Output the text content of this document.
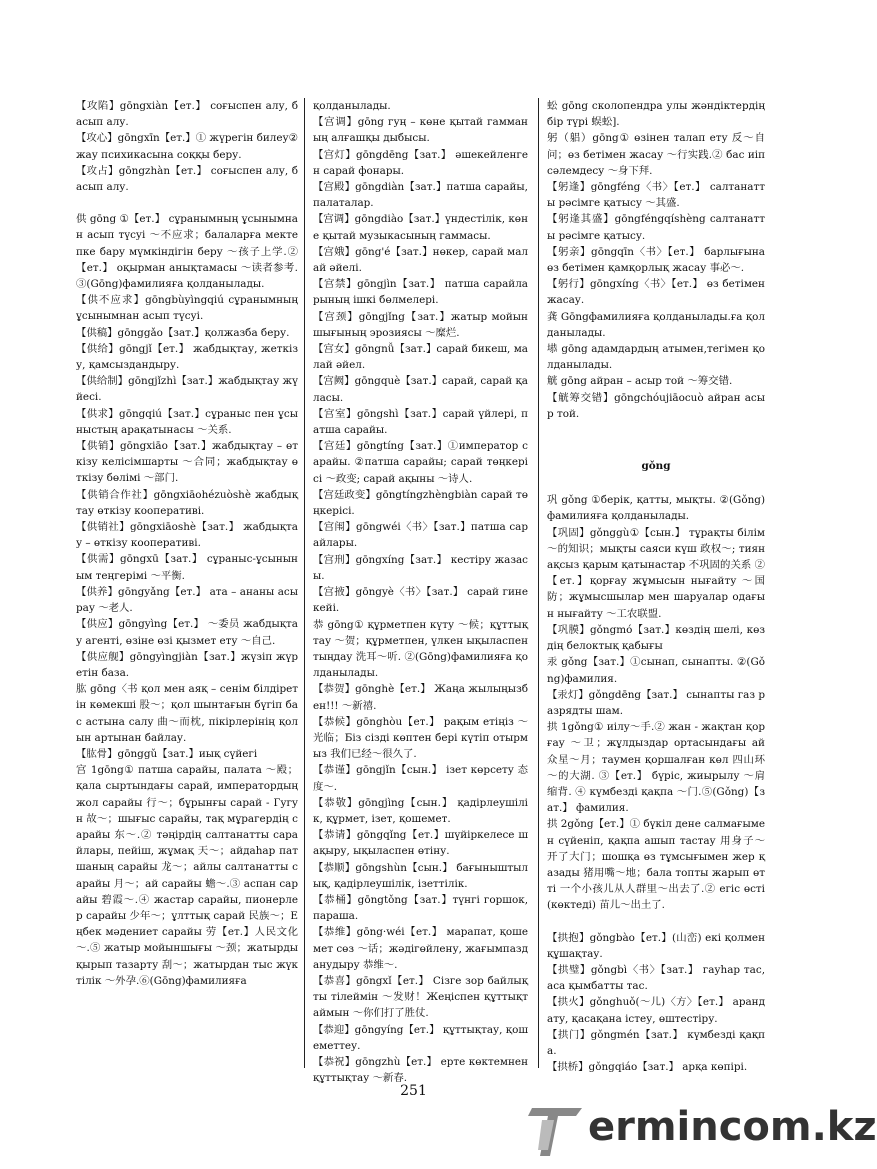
【攻陷】gōngxiàn【ет.】 соғыспен алу, басып алу.

【攻心】gōngxīn【ет.】① жүрегін билеу②жау психикасына соққы беру.

【攻占】gōngzhàn【ет.】 соғыспен алу, басып алу.

供 gōng ①【ет.】 сұранымның ұсынымнан асып түсуі ～不应求；балаларға мектепке бару мүмкіндігін беру ～孩子上学.②【ет.】 оқырман анықтамасы ～读者参考. ③(Gōng)фамилияға қолданылады.

【供不应求】gōngbùyìngqiú сұранымның ұсынымнан асып түсуі.

【供稿】gōnggǎo【зат.】қолжазба беру.

【供给】gōngjǐ【ет.】 жабдықтау, жеткізу, қамсыздандыру.

【供给制】gōngjǐzhì【зат.】жабдықтау жүйесі.

【供求】gōngqiú【зат.】сұраныс пен ұсыныстың арақатынасы ～关系.

【供销】gōngxiāo【зат.】жабдықтау – өткізу келісімшарты ～合同；жабдықтау өткізу бөлімі ～部门.

【供销合作社】gōngxiāohézuòshè жабдықтау өткізу кооперативі.

【供销社】gōngxiāoshè【зат.】 жабдықтау – өткізу кооперативі.

【供需】gōngxū【зат.】 сұраныс-ұсыныным теңгерімі ～平衡.

【供养】gōngyǎng【ет.】 ата – ананы асырау ～老人.

【供应】gōngyìng【ет.】 ～委员 жабдықтау агенті, өзіне өзі қызмет ету ～自己.

【供应舰】gōngyìngjiàn【зат.】жүзіп жүретін база.

肱 gōng〈书 қол мен аяқ – сенім білдіретін көмекші 股～；қол шынтағын бүгіп бас астына салу 曲～而枕, пікірлерінің қолын артынан байлау.

【肱骨】gōnggǔ【зат.】иық сүйегі

宫 1gōng① патша сарайы, палата ～殿；қала сыртындағы сарай, императордың жол сарайы 行～；бұрынғы сарай - Гугун 故～；шығыс сарайы, тақ мұрагердің сарайы 东～.② тәңірдің салтанатты сарайлары, пейіш, жұмақ 天～；айдаһар патшаның сарайы 龙～；айлы салтанатты сарайы 月～；ай сарайы 蟾～.③ аспан сарайы 碧霞～.④ жастар сарайы, пионерлер сарайы 少年～；ұлттық сарай 民族～；Еңбек мәдениет сарайы 劳【ет.】人民文化～.⑤ жатыр мойыншығы ～颈；жатырды қырып тазарту 刮～；жатырдан тыс жүктілік ～外孕.⑥(Gōng)фамилияға

қолданылады.

【宫调】gōng гуң – көне қытай гамманың алғашқы дыбысы.

【宫灯】gōngdēng【зат.】 әшекейленген сарай фонары.

【宫殿】gōngdiàn【зат.】патша сарайы, палаталар.

【宫调】gōngdiào【зат.】үндестілік, көне қытай музыкасының гаммасы.

【宫娥】gōng'é【зат.】нөкер, сарай малай әйелі.

【宫禁】gōngjìn【зат.】 патша сарайларының ішкі бөлмелері.

【宫颈】gōngjǐng【зат.】жатыр мойыншығының эрозиясы ～糜烂.

【宫女】gōngnǚ【зат.】сарай бикеш, малай әйел.

【宫阙】gōngquè【зат.】сарай, сарай қаласы.

【宫室】gōngshì【зат.】сарай үйлері, патша сарайы.

【宫廷】gōngtíng【зат.】①император сарайы. ②патша сарайы; сарай төңкерісі ～政变; сарай ақыны ～诗人.

【宫廷政变】gōngtíngzhèngbiàn сарай төңкерісі.

【宫闱】gōngwéi〈书〉【зат.】патша сарайлары.

【宫刑】gōngxíng【зат.】 кестіру жазасы.

【宫掖】gōngyè〈书〉【зат.】 сарай гинекейі.

恭 gōng① құрметпен күту ～候；құттықтау ～贺；құрметпен, үлкен ықыласпен тыңдау 洗耳～听. ②(Gōng)фамилияға қолданылады.

【恭贺】gōnghè【ет.】 Жаңа жылыңызбен!!! ～新禧.

【恭候】gōnghòu【ет.】 рақым етіңіз ～光临；Біз сізді көптен бері күтіп отырмыз 我们已经～很久了.

【恭谨】gōngjǐn【сын.】 ізет көрсету 态度～.

【恭敬】gōngjìng【сын.】 қадірлеушілік, құрмет, ізет, қошемет.

【恭请】gōngqǐng【ет.】шүйіркелесе шақыру, ықыласпен өтіну.

【恭顺】gōngshùn【сын.】 бағыныштылық, қадірлеушілік, ізеттілік.

【恭桶】gōngtǒng【зат.】түнгі горшок, параша.

【恭维】gōng·wéi【ет.】 марапат, қошемет сөз ～话；жәдігөйлену, жағымпазданудыру 恭维～.

【恭喜】gōngxǐ【ет.】 Сізге зор байлықты тілеймін ～发财！Жеңіспен құттықтаймын ～你们打了胜仗.

【恭迎】gōngyíng【ет.】 құттықтау, қошеметтеу.

【恭祝】gōngzhù【ет.】 ерте көктемнен құттықтау ～新春.

蚣 gōng сколопендра улы жәндіктердің бір түрі 蜈蚣].

躬（躳）gōng① өзінен талап ету 反～自问；өз бетімен жасау ～行实践.② бас иіп сәлемдесу ～身下拜.

【躬逢】gōngféng〈书〉【ет.】 салтанатты рәсімге қатысу ～其盛.

【躬逢其盛】gōngféngqíshèng салтанатты рәсімге қатысу.

【躬亲】gōngqīn〈书〉【ет.】 барлығына өз бетімен қамқорлық жасау 事必～.

【躬行】gōngxíng〈书〉【ет.】 өз бетімен жасау.

龚 Gōngфамилияға қолданылады.ға қолданылады.

塨 gōng адамдардың атымен,тегімен қолданылады.

觥 gōng айран – асыр той ～筹交错.

【觥筹交错】gōngchóujiāocuò айран асыр той.

gǒng

巩 gǒng ①берік, қатты, мықты. ②(Gǒng)фамилияға қолданылады.

【巩固】gǒnggù①【сын.】 тұрақты білім ～的知识；мықты саяси күш 政权～; тиянақсыз қарым қатынастар 不巩固的关系 ②【ет.】қорғау жұмысын нығайту ～国防；жұмысшылар мен шаруалар одағын нығайту ～工农联盟.

【巩膜】gǒngmó【зат.】көздің шелі, көздің белоктық қабығы

汞 gǒng【зат.】①сынап, сынапты. ②(Gǒng)фамилия.

【汞灯】gǒngdēng【зат.】 сынапты газ разрядты шам.

拱 1gǒng① иілу～手.② жан - жақтан қорғау ～卫；жұлдыздар ортасындағы ай 众星～月；таумен қоршалған көл 四山环～的大湖. ③【ет.】 бүріс, жиырылу ～肩缩背. ④ күмбезді қақпа ～门.⑤(Gǒng)【зат.】 фамилия.

拱 2gǒng【ет.】① бүкіл дене салмағымен сүйеніп, қақпа ашып тастау 用身子～开了大门；шошқа өз тұмсығымен жер қазады 猪用嘴～地；бала топты жарып өтті 一个小孩儿从人群里～出去了.② егіс өсті (көктеді) 苗儿～出土了.

【拱抱】gǒngbào【ет.】(山峦) екі қолмен құшақтау.

【拱璧】gǒngbì〈书〉【зат.】 гауһар тас, аса қымбатты тас.

【拱火】gǒnghuǒ(～儿)〈方〉【ет.】 арандату, қасақана істеу, өштестіру.

【拱门】gǒngmén【зат.】 күмбезді қақпа.

【拱桥】gǒngqiáo【зат.】 арқа көпірі.

251
ermincom.kz
